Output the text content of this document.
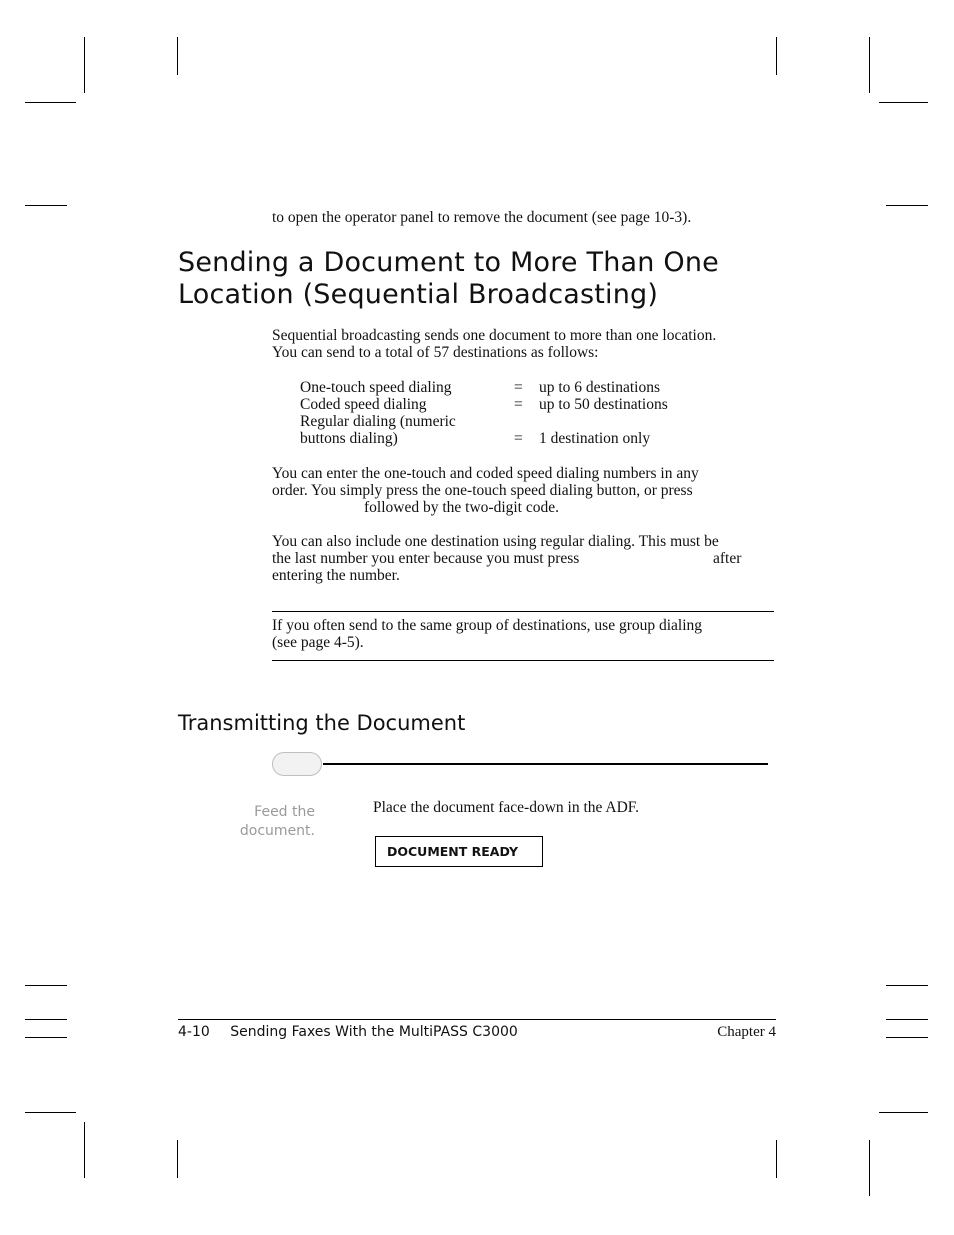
to open the operator panel to remove the document (see page 10-3).

Sending a Document to More Than One
Location (Sequential Broadcasting)
Sequential broadcasting sends one document to more than one location.
You can send to a total of 57 destinations as follows:
One-touch speed dialing	=	up to 6 destinations
Coded speed dialing	=	up to 50 destinations
Regular dialing (numeric		
buttons dialing)	=	1 destination only
You can enter the one-touch and coded speed dialing numbers in any
order. You simply press the one-touch speed dialing button, or press
followed by the two-digit code.
You can also include one destination using regular dialing. This must be
the last number you enter because you must press	after
entering the number.
If you often send to the same group of destinations, use group dialing
(see page 4-5).
Transmitting the Document
Feed the
document.

Place the document face-down in the ADF.

DOCUMENT READY
4-10 Sending Faxes With the MultiPASS C3000	Chapter 4
